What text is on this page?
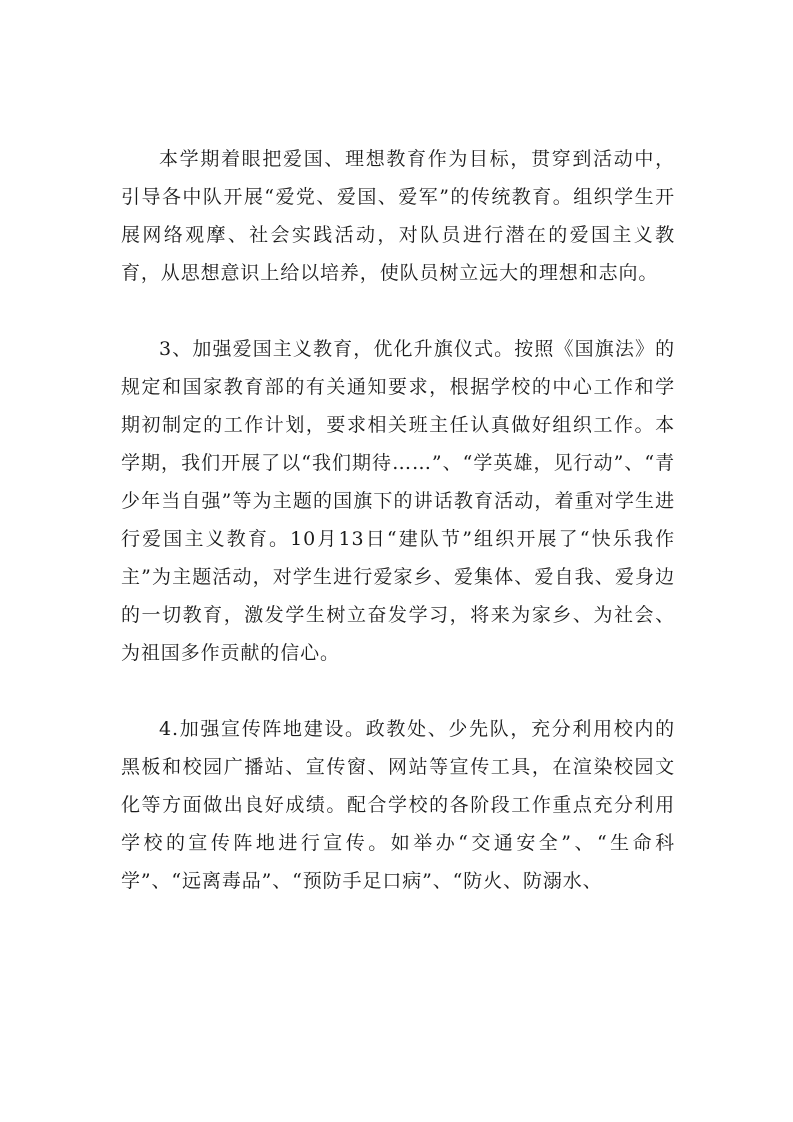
本学期着眼把爱国、理想教育作为目标，贯穿到活动中，引导各中队开展“爱党、爱国、爱军”的传统教育。组织学生开展网络观摩、社会实践活动，对队员进行潜在的爱国主义教育，从思想意识上给以培养，使队员树立远大的理想和志向。

3、加强爱国主义教育，优化升旗仪式。按照《国旗法》的规定和国家教育部的有关通知要求，根据学校的中心工作和学期初制定的工作计划，要求相关班主任认真做好组织工作。本学期，我们开展了以“我们期待……”、“学英雄，见行动”、“青少年当自强”等为主题的国旗下的讲话教育活动，着重对学生进行爱国主义教育。10月13日“建队节”组织开展了“快乐我作主”为主题活动，对学生进行爱家乡、爱集体、爱自我、爱身边的一切教育，激发学生树立奋发学习，将来为家乡、为社会、为祖国多作贡献的信心。

4.加强宣传阵地建设。政教处、少先队，充分利用校内的黑板和校园广播站、宣传窗、网站等宣传工具，在渲染校园文化等方面做出良好成绩。配合学校的各阶段工作重点充分利用学校的宣传阵地进行宣传。如举办“交通安全”、“生命科学”、“远离毒品”、“预防手足口病”、“防火、防溺水、
